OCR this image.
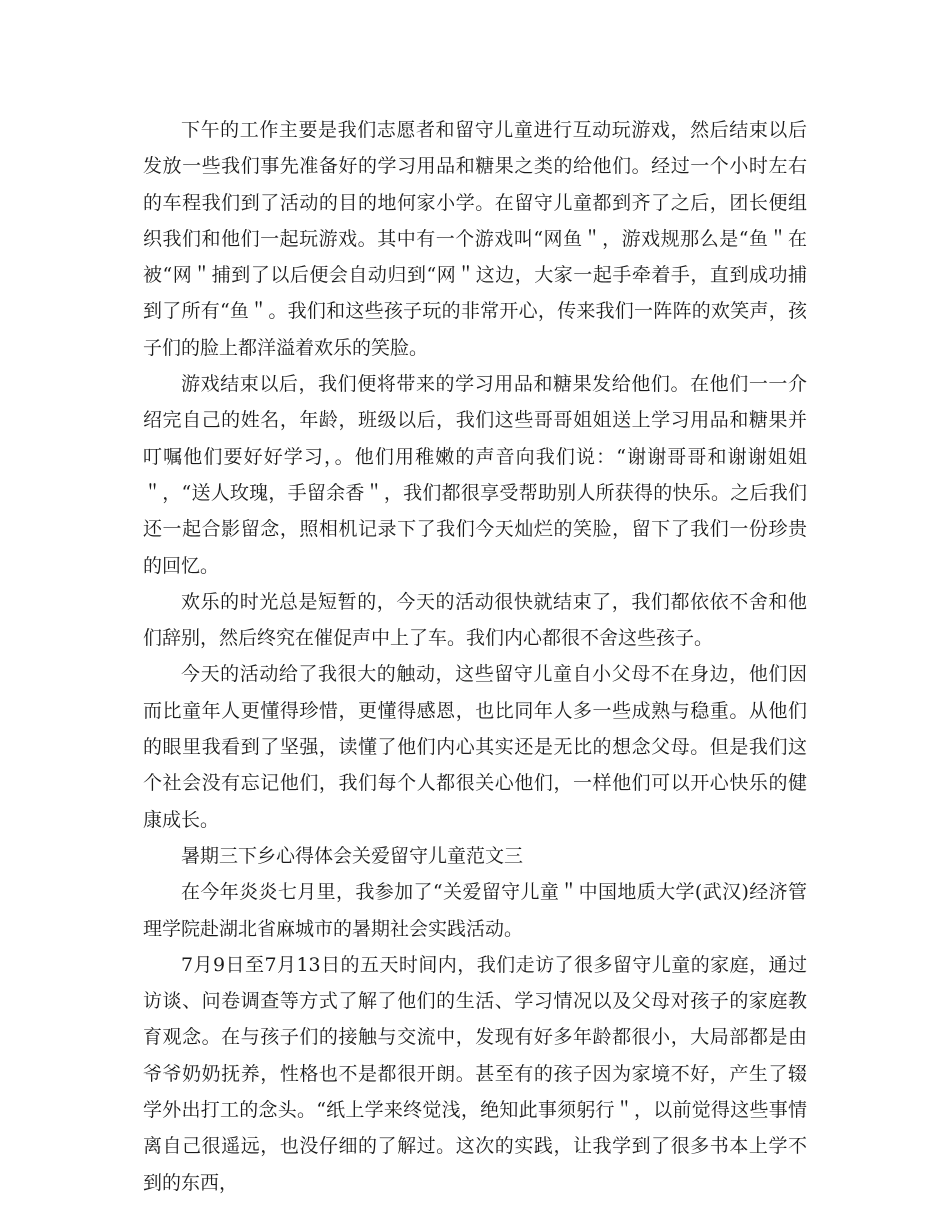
下午的工作主要是我们志愿者和留守儿童进行互动玩游戏，然后结束以后发放一些我们事先准备好的学习用品和糖果之类的给他们。经过一个小时左右的车程我们到了活动的目的地何家小学。在留守儿童都到齐了之后，团长便组织我们和他们一起玩游戏。其中有一个游戏叫“网鱼＂，游戏规那么是“鱼＂在被“网＂捕到了以后便会自动归到“网＂这边，大家一起手牵着手，直到成功捕到了所有“鱼＂。我们和这些孩子玩的非常开心，传来我们一阵阵的欢笑声，孩子们的脸上都洋溢着欢乐的笑脸。

游戏结束以后，我们便将带来的学习用品和糖果发给他们。在他们一一介绍完自己的姓名，年龄，班级以后，我们这些哥哥姐姐送上学习用品和糖果并叮嘱他们要好好学习，。他们用稚嫩的声音向我们说：“谢谢哥哥和谢谢姐姐＂，“送人玫瑰，手留余香＂，我们都很享受帮助别人所获得的快乐。之后我们还一起合影留念，照相机记录下了我们今天灿烂的笑脸，留下了我们一份珍贵的回忆。

欢乐的时光总是短暂的，今天的活动很快就结束了，我们都依依不舍和他们辞别，然后终究在催促声中上了车。我们内心都很不舍这些孩子。

今天的活动给了我很大的触动，这些留守儿童自小父母不在身边，他们因而比童年人更懂得珍惜，更懂得感恩，也比同年人多一些成熟与稳重。从他们的眼里我看到了坚强，读懂了他们内心其实还是无比的想念父母。但是我们这个社会没有忘记他们，我们每个人都很关心他们，一样他们可以开心快乐的健康成长。

暑期三下乡心得体会关爱留守儿童范文三

在今年炎炎七月里，我参加了“关爱留守儿童＂中国地质大学(武汉)经济管理学院赴湖北省麻城市的暑期社会实践活动。

7月9日至7月13日的五天时间内，我们走访了很多留守儿童的家庭，通过访谈、问卷调查等方式了解了他们的生活、学习情况以及父母对孩子的家庭教育观念。在与孩子们的接触与交流中，发现有好多年龄都很小，大局部都是由爷爷奶奶抚养，性格也不是都很开朗。甚至有的孩子因为家境不好，产生了辍学外出打工的念头。“纸上学来终觉浅，绝知此事须躬行＂，以前觉得这些事情离自己很遥远，也没仔细的了解过。这次的实践，让我学到了很多书本上学不到的东西，
